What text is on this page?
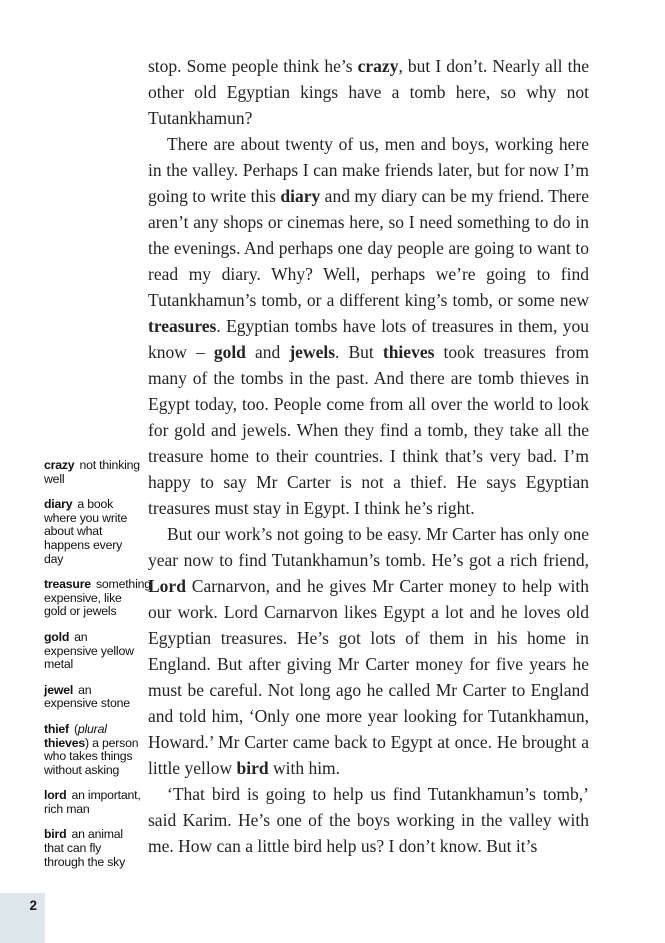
stop. Some people think he’s crazy, but I don’t. Nearly all the other old Egyptian kings have a tomb here, so why not Tutankhamun?

There are about twenty of us, men and boys, working here in the valley. Perhaps I can make friends later, but for now I’m going to write this diary and my diary can be my friend. There aren’t any shops or cinemas here, so I need something to do in the evenings. And perhaps one day people are going to want to read my diary. Why? Well, perhaps we’re going to find Tutankhamun’s tomb, or a different king’s tomb, or some new treasures. Egyptian tombs have lots of treasures in them, you know – gold and jewels. But thieves took treasures from many of the tombs in the past. And there are tomb thieves in Egypt today, too. People come from all over the world to look for gold and jewels. When they find a tomb, they take all the treasure home to their countries. I think that’s very bad. I’m happy to say Mr Carter is not a thief. He says Egyptian treasures must stay in Egypt. I think he’s right.

But our work’s not going to be easy. Mr Carter has only one year now to find Tutankhamun’s tomb. He’s got a rich friend, Lord Carnarvon, and he gives Mr Carter money to help with our work. Lord Carnarvon likes Egypt a lot and he loves old Egyptian treasures. He’s got lots of them in his home in England. But after giving Mr Carter money for five years he must be careful. Not long ago he called Mr Carter to England and told him, ‘Only one more year looking for Tutankhamun, Howard.’ Mr Carter came back to Egypt at once. He brought a little yellow bird with him.

‘That bird is going to help us find Tutankhamun’s tomb,’ said Karim. He’s one of the boys working in the valley with me. How can a little bird help us? I don’t know. But it’s

crazy not thinking well
diary a book where you write about what happens every day
treasure something expensive, like gold or jewels
gold an expensive yellow metal
jewel an expensive stone
thief (plural thieves) a person who takes things without asking
lord an important, rich man
bird an animal that can fly through the sky
2
